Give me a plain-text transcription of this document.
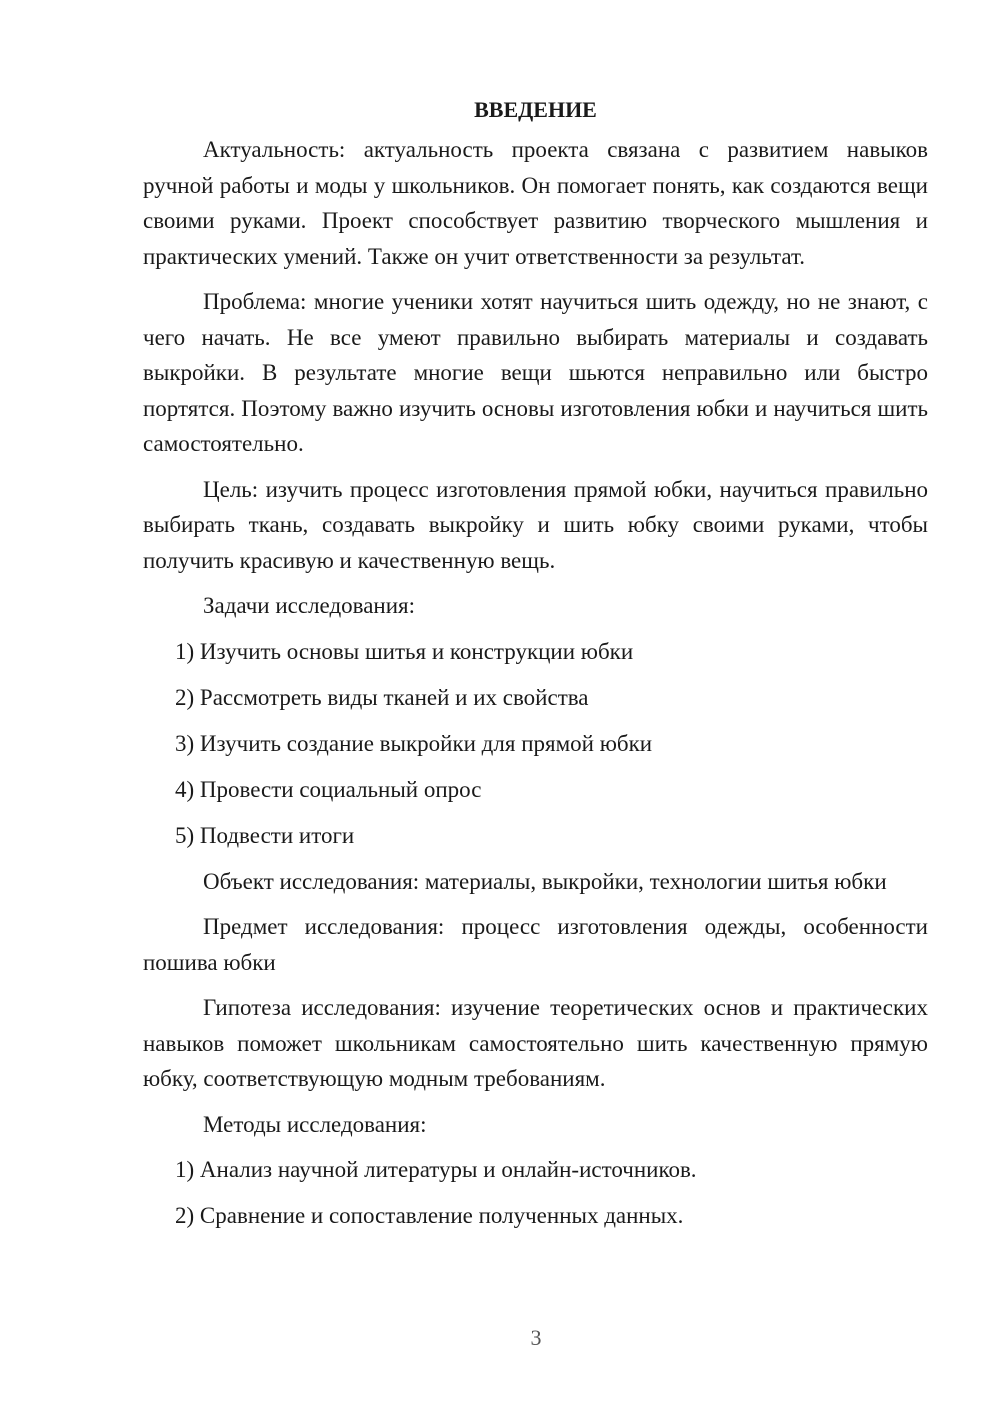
ВВЕДЕНИЕ

Актуальность: актуальность проекта связана с развитием навыков ручной работы и моды у школьников. Он помогает понять, как создаются вещи своими руками. Проект способствует развитию творческого мышления и практических умений. Также он учит ответственности за результат.

Проблема: многие ученики хотят научиться шить одежду, но не знают, с чего начать. Не все умеют правильно выбирать материалы и создавать выкройки. В результате многие вещи шьются неправильно или быстро портятся. Поэтому важно изучить основы изготовления юбки и научиться шить самостоятельно.

Цель: изучить процесс изготовления прямой юбки, научиться правильно выбирать ткань, создавать выкройку и шить юбку своими руками, чтобы получить красивую и качественную вещь.

Задачи исследования:
1) Изучить основы шитья и конструкции юбки
2) Рассмотреть виды тканей и их свойства
3) Изучить создание выкройки для прямой юбки
4) Провести социальный опрос
5) Подвести итоги

Объект исследования: материалы, выкройки, технологии шитья юбки

Предмет исследования: процесс изготовления одежды, особенности пошива юбки

Гипотеза исследования: изучение теоретических основ и практических навыков поможет школьникам самостоятельно шить качественную прямую юбку, соответствующую модным требованиям.

Методы исследования:
1) Анализ научной литературы и онлайн-источников.
2) Сравнение и сопоставление полученных данных.
3
